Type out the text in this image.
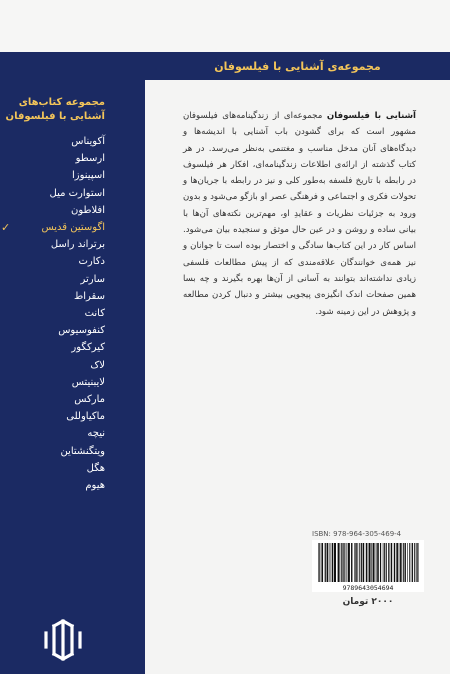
مجموعه‌ی آشنایی با فیلسوفان
مجموعه کتاب‌های
آشنایی با فیلسوفان
آکویناس
ارسطو
اسپینوزا
استوارت میل
افلاطون
اگوستین قدیس
✓
برتراند راسل
دکارت
سارتر
سقراط
کانت
کنفوسیوس
کیرکگور
لاک
لایبنیتس
مارکس
ماکیاوللی
نیچه
ویتگنشتاین
هگل
هیوم
آشنایی با فیلسوفان مجموعه‌ای از زندگینامه‌های فیلسوفان مشهور است که برای گشودن باب آشنایی با اندیشه‌ها و دیدگاه‌های آنان مدخل مناسب و مغتنمی به‌نظر می‌رسد. در هر کتاب گذشته از ارائه‌ی اطلاعات زندگینامه‌ای، افکار هر فیلسوف در رابطه با تاریخ فلسفه به‌طور کلی و نیز در رابطه با جریان‌ها و تحولات فکری و اجتماعی و فرهنگی عصر او بازگو می‌شود و بدون ورود به جزئیات نظریات و عقایدِ او، مهم‌ترین نکته‌های آن‌ها با بیانی ساده و روشن و در عین حال موثق و سنجیده بیان می‌شود. اساس کار در این کتاب‌ها سادگی و اختصار بوده است تا جوانان و نیز همه‌ی خوانندگان علاقه‌مندی که از پیش مطالعات فلسفی زیادی نداشته‌اند بتوانند به آسانی از آن‌ها بهره بگیرند و چه بسا همین صفحات اندک انگیزه‌ی پیجویی بیشتر و دنبال کردن مطالعه و پژوهش در این زمینه شود.
ISBN: 978-964-305-469-4
9789643054694
۲۰۰۰ تومان
